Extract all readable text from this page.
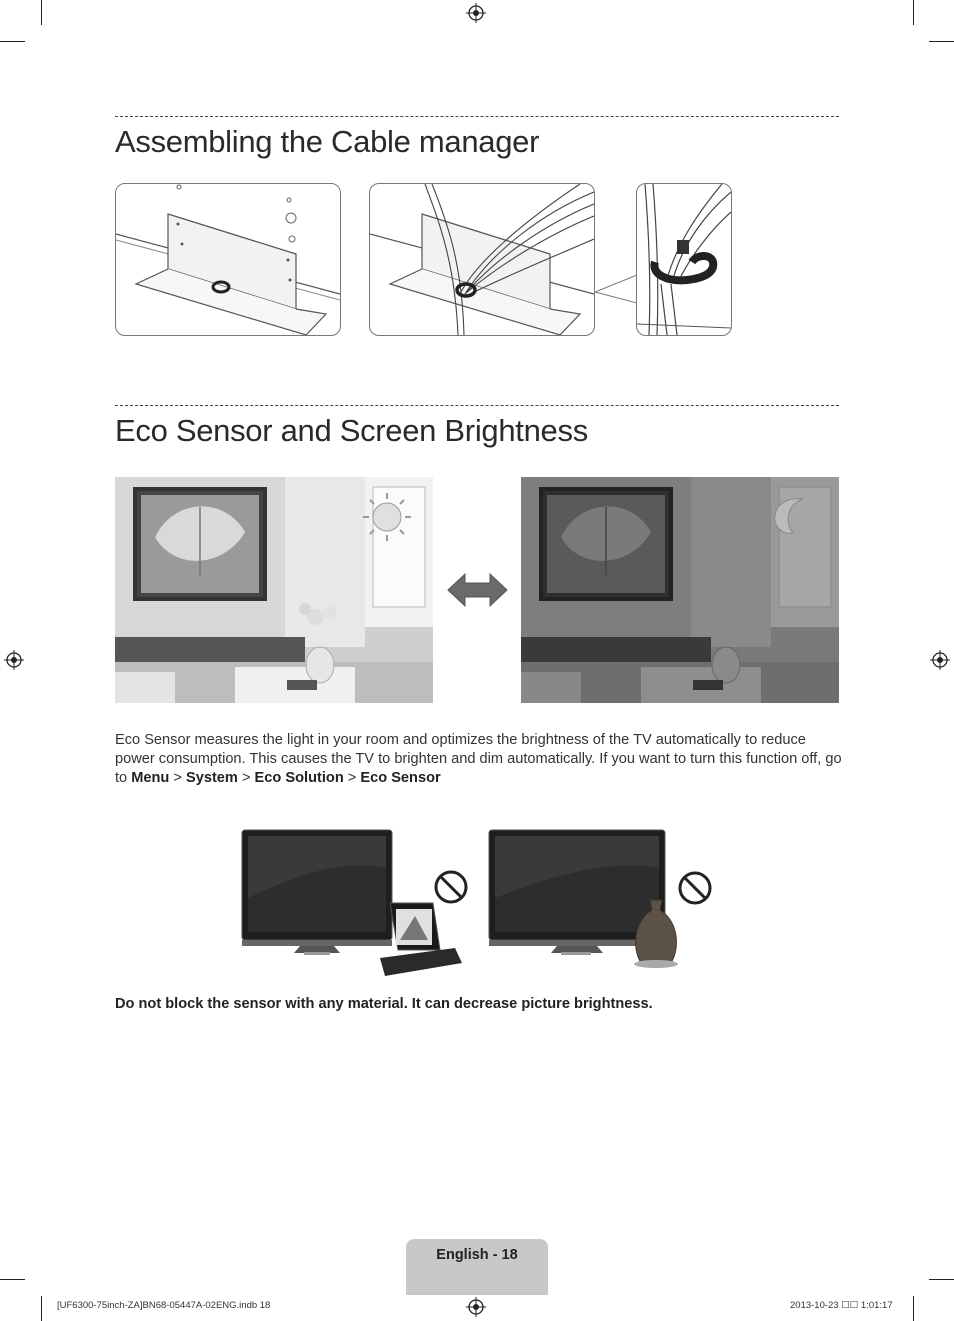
Assembling the Cable manager
Eco Sensor and Screen Brightness

Eco Sensor measures the light in your room and optimizes the brightness of the TV automatically to reduce power consumption. This causes the TV to brighten and dim automatically. If you want to turn this function off, go to Menu > System > Eco Solution > Eco Sensor

Do not block the sensor with any material. It can decrease picture brightness.

English - 18
[UF6300-75inch-ZA]BN68-05447A-02ENG.indb 18	2013-10-23 ☐☐ 1:01:17
